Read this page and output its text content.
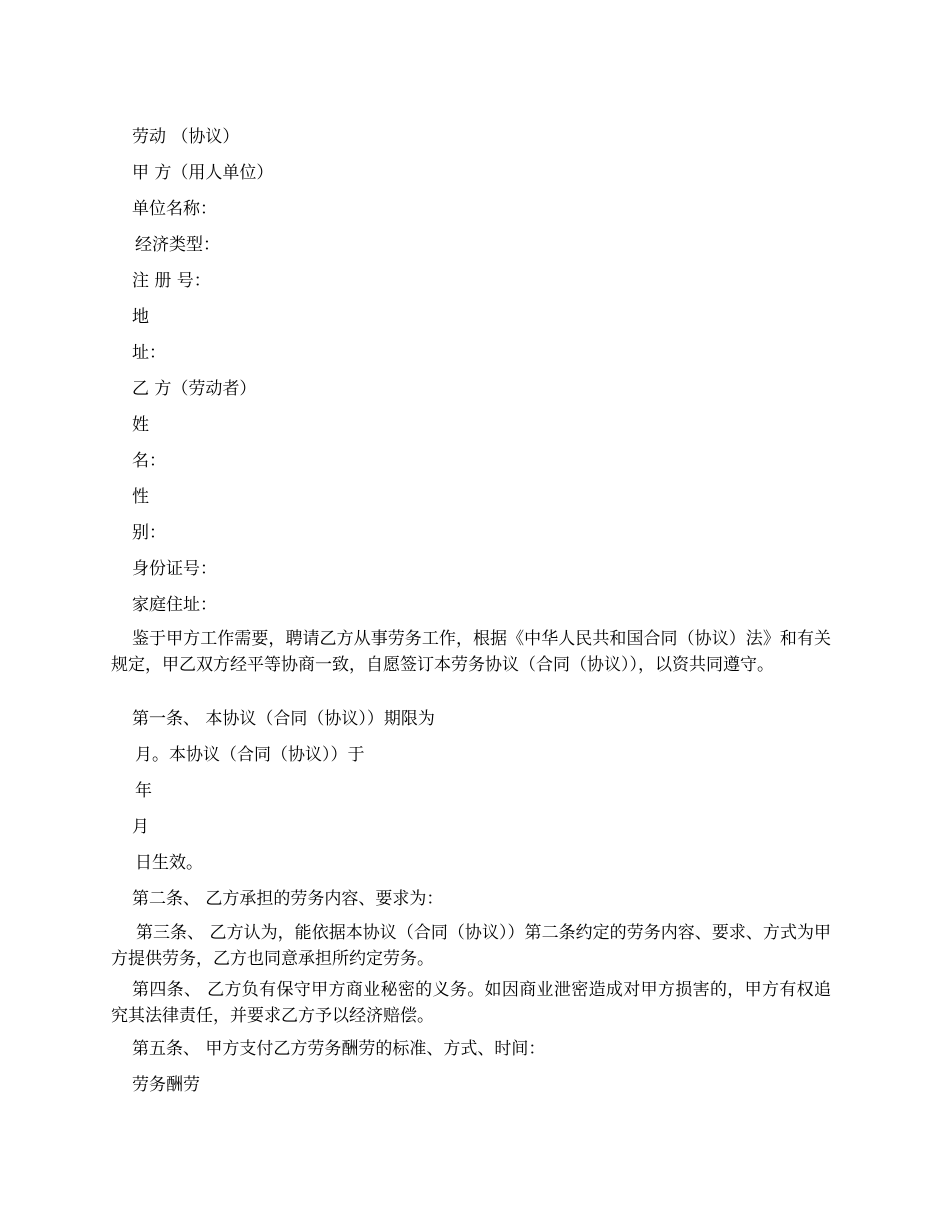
劳动 （协议）
甲 方（用人单位）
单位名称：
经济类型：
注 册 号：
地
址：
乙 方（劳动者）
姓
名：
性
别：
身份证号：
家庭住址：
鉴于甲方工作需要，聘请乙方从事劳务工作，根据《中华人民共和国合同（协议）法》和有关规定，甲乙双方经平等协商一致，自愿签订本劳务协议（合同（协议）），以资共同遵守。
第一条、 本协议（合同（协议））期限为
月。本协议（合同（协议））于
年
月
日生效。
第二条、 乙方承担的劳务内容、要求为：
第三条、 乙方认为，能依据本协议（合同（协议））第二条约定的劳务内容、要求、方式为甲方提供劳务，乙方也同意承担所约定劳务。
第四条、 乙方负有保守甲方商业秘密的义务。如因商业泄密造成对甲方损害的，甲方有权追究其法律责任，并要求乙方予以经济赔偿。
第五条、 甲方支付乙方劳务酬劳的标准、方式、时间：
劳务酬劳
